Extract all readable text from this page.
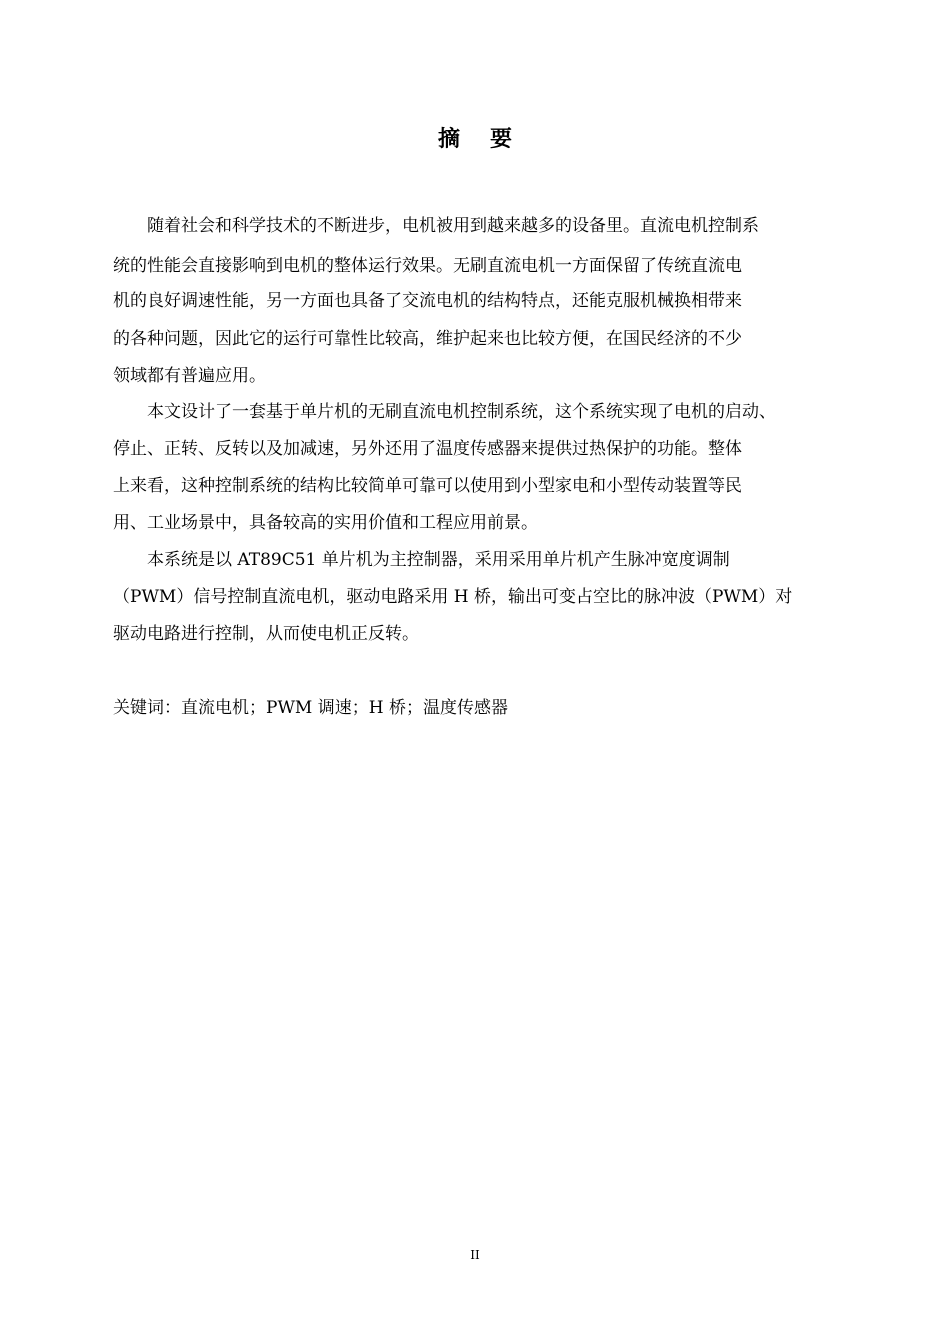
摘要
随着社会和科学技术的不断进步，电机被用到越来越多的设备里。直流电机控制系
统的性能会直接影响到电机的整体运行效果。无刷直流电机一方面保留了传统直流电
机的良好调速性能，另一方面也具备了交流电机的结构特点，还能克服机械换相带来
的各种问题，因此它的运行可靠性比较高，维护起来也比较方便，在国民经济的不少
领域都有普遍应用。
本文设计了一套基于单片机的无刷直流电机控制系统，这个系统实现了电机的启动、
停止、正转、反转以及加减速，另外还用了温度传感器来提供过热保护的功能。整体
上来看，这种控制系统的结构比较简单可靠可以使用到小型家电和小型传动装置等民
用、工业场景中，具备较高的实用价值和工程应用前景。
本系统是以 AT89C51 单片机为主控制器，采用采用单片机产生脉冲宽度调制
（PWM）信号控制直流电机，驱动电路采用 H 桥，输出可变占空比的脉冲波（PWM）对
驱动电路进行控制，从而使电机正反转。
关键词：直流电机；PWM 调速；H 桥；温度传感器
II
